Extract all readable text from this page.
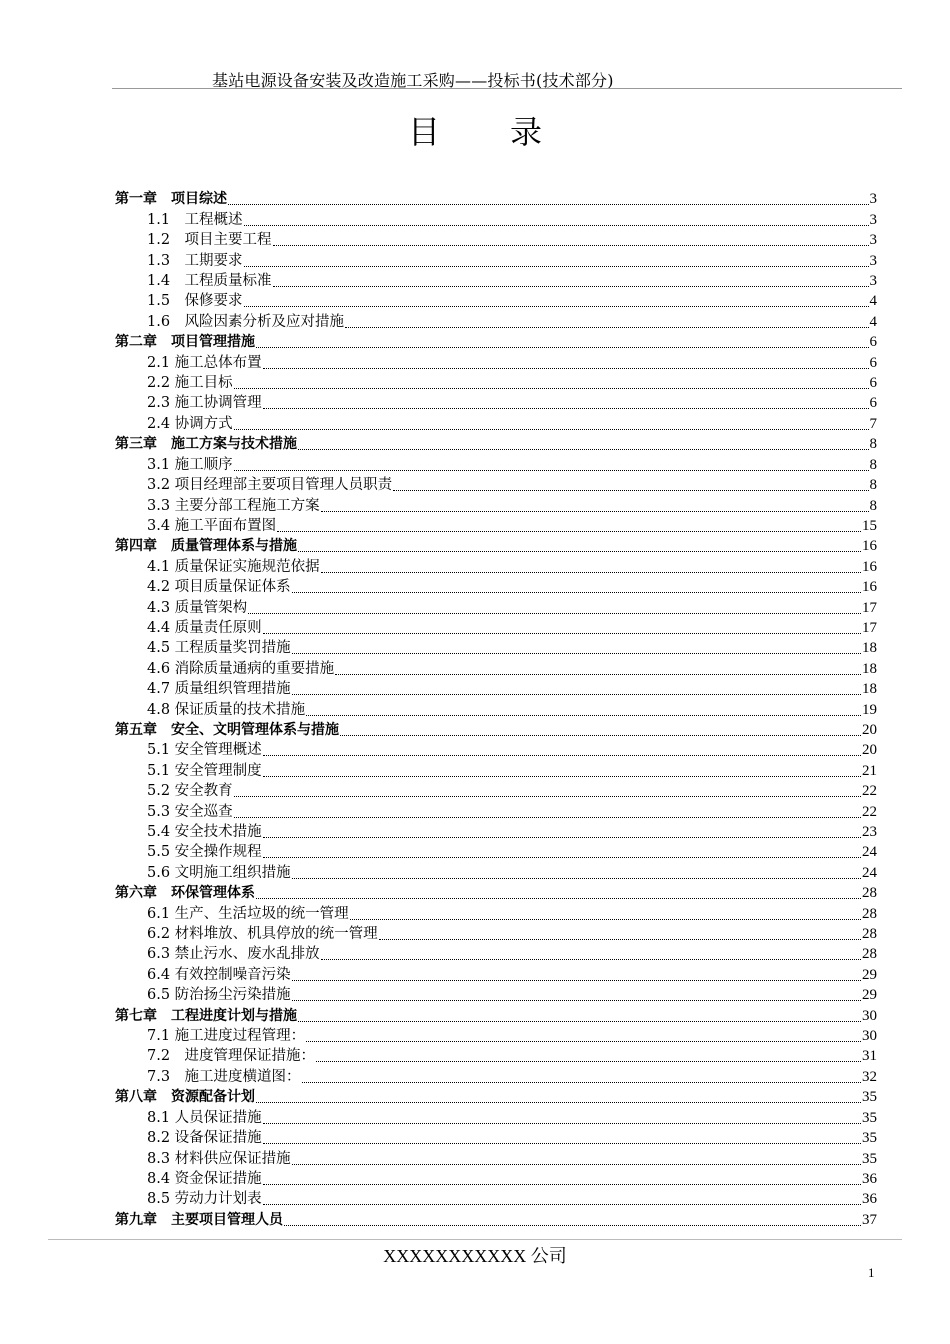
基站电源设备安装及改造施工采购——投标书(技术部分)
目 录
第一章　项目综述	3
1.1　工程概述	3
1.2　项目主要工程	3
1.3　工期要求	3
1.4　工程质量标准	3
1.5　保修要求	4
1.6　风险因素分析及应对措施	4
第二章　项目管理措施	6
2.1 施工总体布置	6
2.2 施工目标	6
2.3 施工协调管理	6
2.4 协调方式	7
第三章　施工方案与技术措施	8
3.1 施工顺序	8
3.2 项目经理部主要项目管理人员职责	8
3.3 主要分部工程施工方案	8
3.4 施工平面布置图	15
第四章　质量管理体系与措施	16
4.1 质量保证实施规范依据	16
4.2 项目质量保证体系	16
4.3 质量管架构	17
4.4 质量责任原则	17
4.5 工程质量奖罚措施	18
4.6 消除质量通病的重要措施	18
4.7 质量组织管理措施	18
4.8 保证质量的技术措施	19
第五章　安全、文明管理体系与措施	20
5.1 安全管理概述	20
5.1 安全管理制度	21
5.2 安全教育	22
5.3 安全巡查	22
5.4 安全技术措施	23
5.5 安全操作规程	24
5.6 文明施工组织措施	24
第六章　环保管理体系	28
6.1 生产、生活垃圾的统一管理	28
6.2 材料堆放、机具停放的统一管理	28
6.3 禁止污水、废水乱排放	28
6.4 有效控制噪音污染	29
6.5 防治扬尘污染措施	29
第七章　工程进度计划与措施	30
7.1 施工进度过程管理：	30
7.2　进度管理保证措施：	31
7.3　施工进度横道图：	32
第八章　资源配备计划	35
8.1 人员保证措施	35
8.2 设备保证措施	35
8.3 材料供应保证措施	35
8.4 资金保证措施	36
8.5 劳动力计划表	36
第九章　主要项目管理人员	37
XXXXXXXXXXX 公司
1
